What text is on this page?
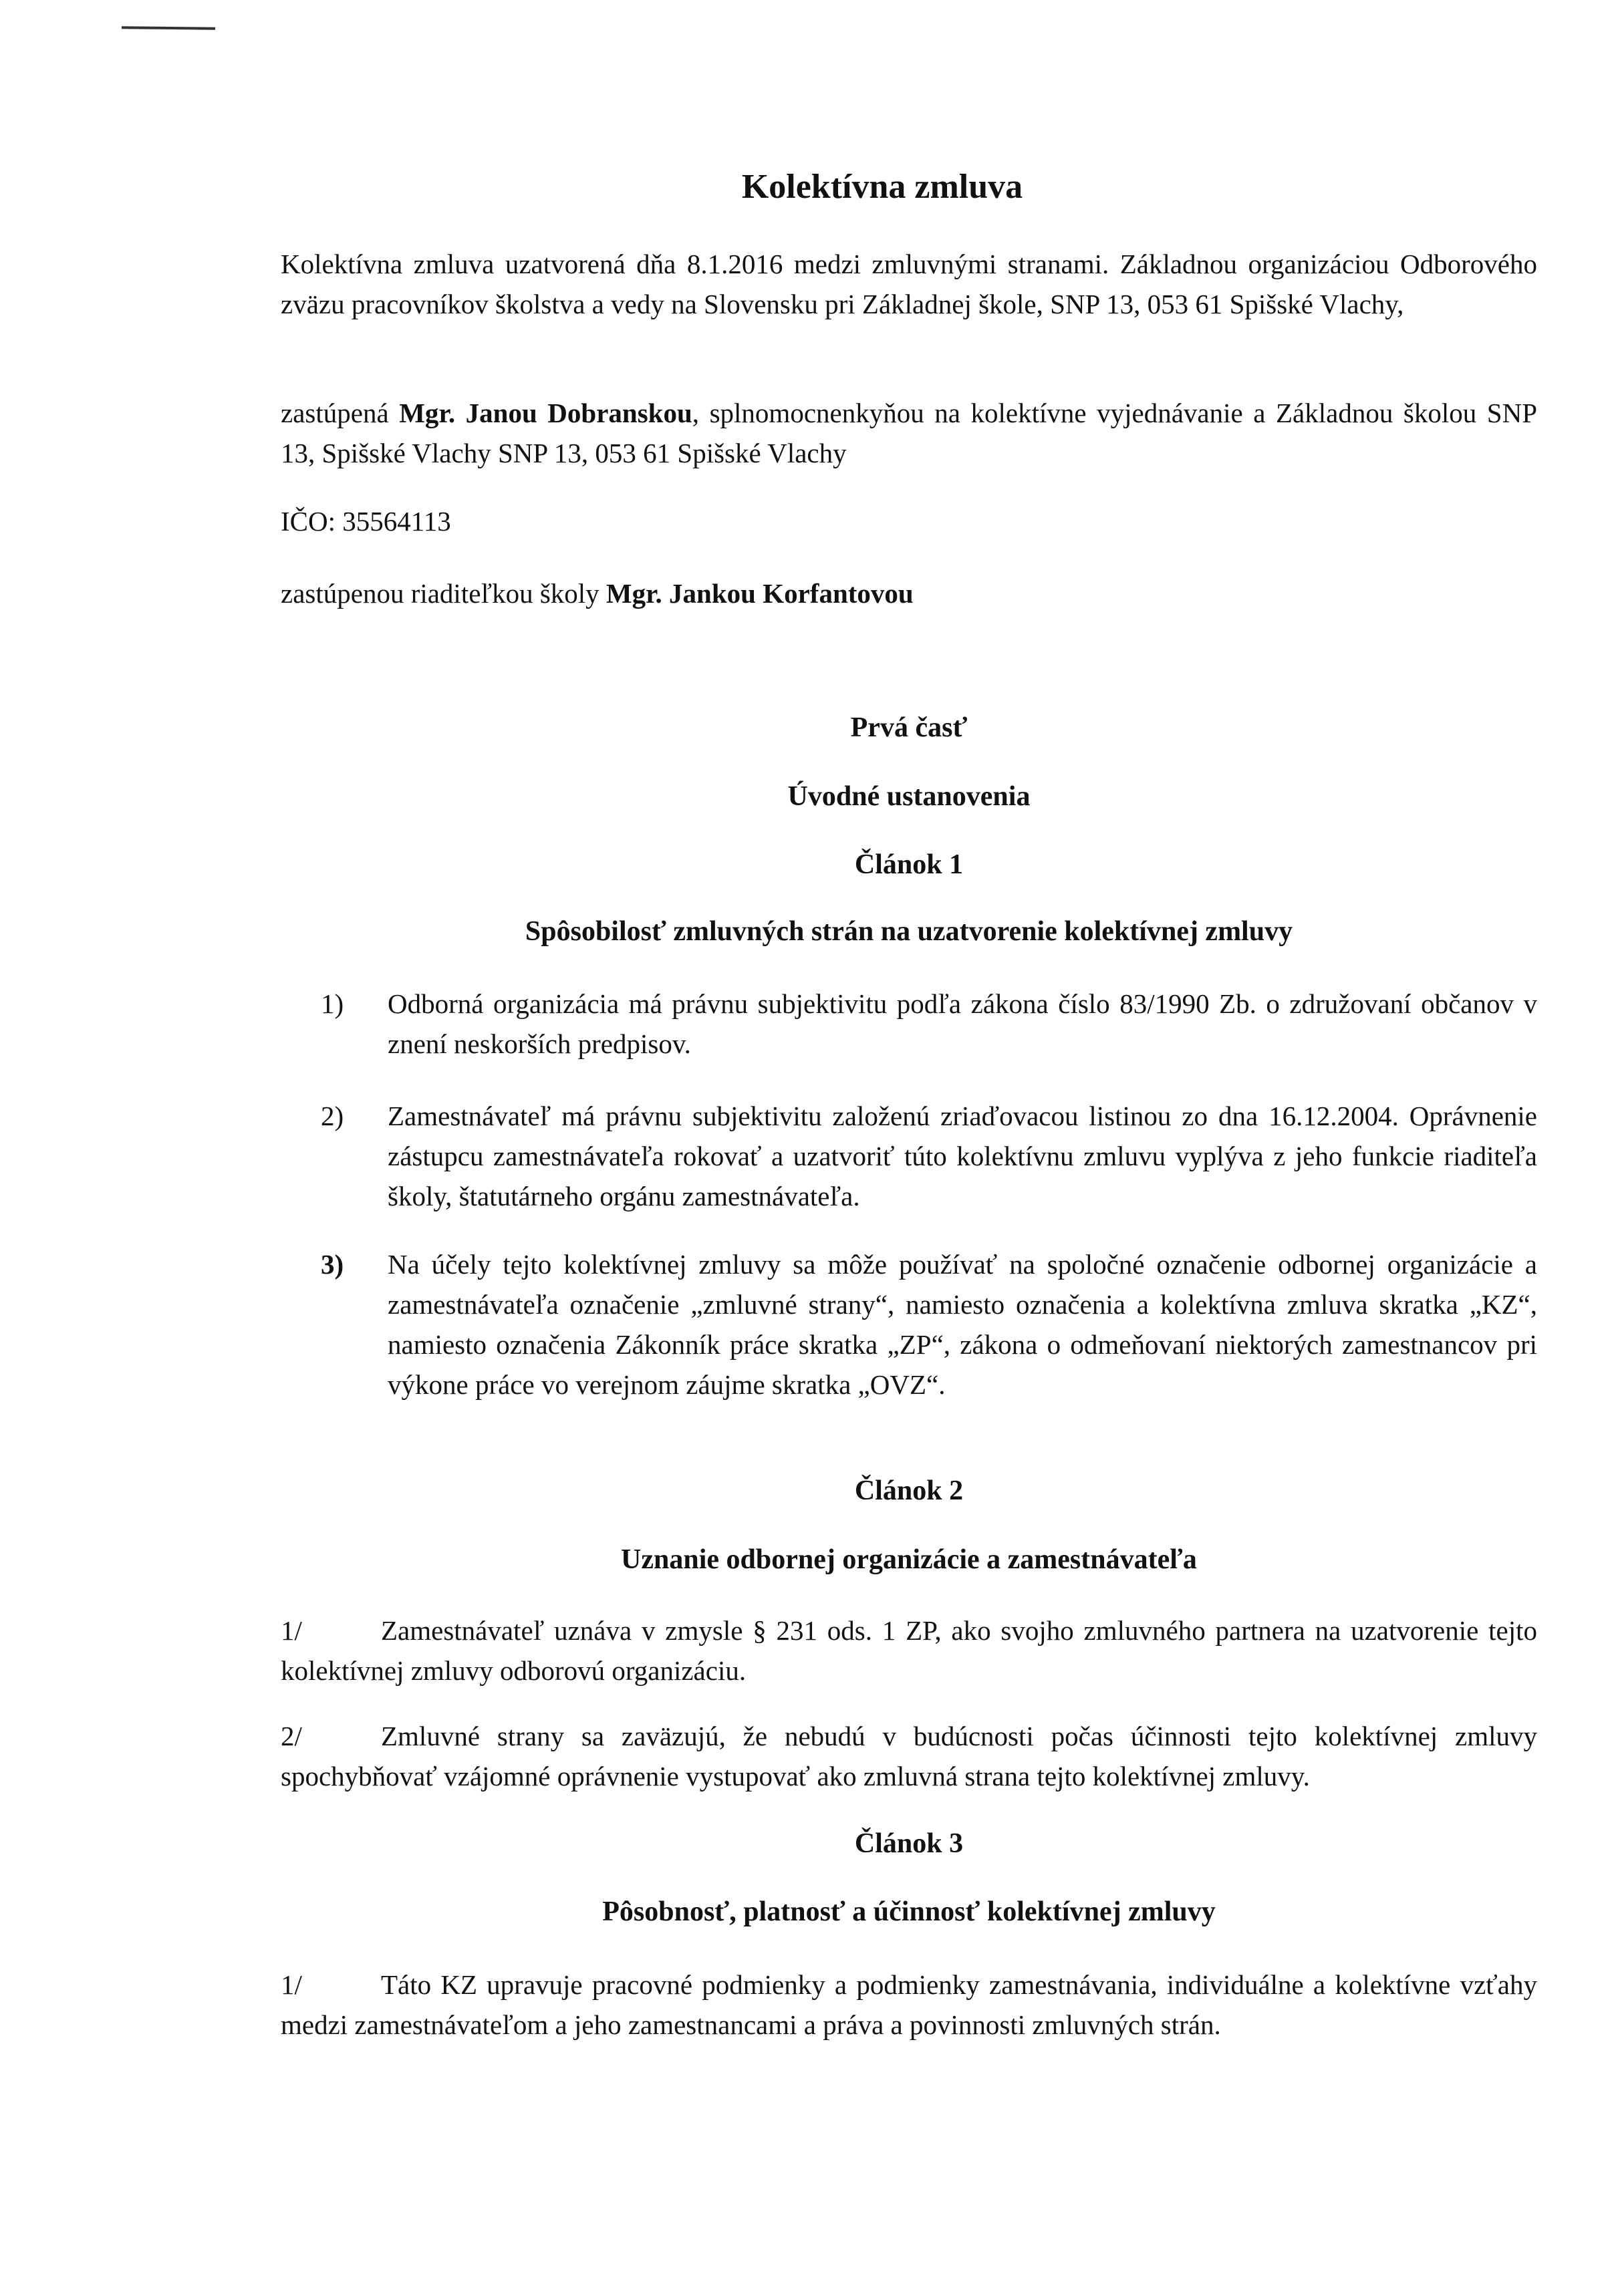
Kolektívna zmluva
Kolektívna zmluva uzatvorená dňa 8.1.2016 medzi zmluvnými stranami. Základnou organizáciou Odborového zväzu pracovníkov školstva a vedy na Slovensku pri Základnej škole, SNP 13, 053 61 Spišské Vlachy,
zastúpená Mgr. Janou Dobranskou, splnomocnenkyňou na kolektívne vyjednávanie a Základnou školou SNP 13, Spišské Vlachy SNP 13, 053 61 Spišské Vlachy
IČO: 35564113
zastúpenou riaditeľkou školy Mgr. Jankou Korfantovou
Prvá časť
Úvodné ustanovenia
Článok 1
Spôsobilosť zmluvných strán na uzatvorenie kolektívnej zmluvy
1) Odborná organizácia má právnu subjektivitu podľa zákona číslo 83/1990 Zb. o združovaní občanov v znení neskorších predpisov.
2) Zamestnávateľ má právnu subjektivitu založenú zriaďovacou listinou zo dna 16.12.2004. Oprávnenie zástupcu zamestnávateľa rokovať a uzatvoriť túto kolektívnu zmluvu vyplýva z jeho funkcie riaditeľa školy, štatutárneho orgánu zamestnávateľa.
3) Na účely tejto kolektívnej zmluvy sa môže používať na spoločné označenie odbornej organizácie a zamestnávateľa označenie „zmluvné strany“, namiesto označenia a kolektívna zmluva skratka „KZ“, namiesto označenia Zákonník práce skratka „ZP“, zákona o odmeňovaní niektorých zamestnancov pri výkone práce vo verejnom záujme skratka „OVZ“.
Článok 2
Uznanie odbornej organizácie a zamestnávateľa
1/	Zamestnávateľ uznáva v zmysle § 231 ods. 1 ZP, ako svojho zmluvného partnera na uzatvorenie tejto kolektívnej zmluvy odborovú organizáciu.
2/	Zmluvné strany sa zaväzujú, že nebudú v budúcnosti počas účinnosti tejto kolektívnej zmluvy spochybňovať vzájomné oprávnenie vystupovať ako zmluvná strana tejto kolektívnej zmluvy.
Článok 3
Pôsobnosť, platnosť a účinnosť kolektívnej zmluvy
1/	Táto KZ upravuje pracovné podmienky a podmienky zamestnávania, individuálne a kolektívne vzťahy medzi zamestnávateľom a jeho zamestnancami a práva a povinnosti zmluvných strán.
